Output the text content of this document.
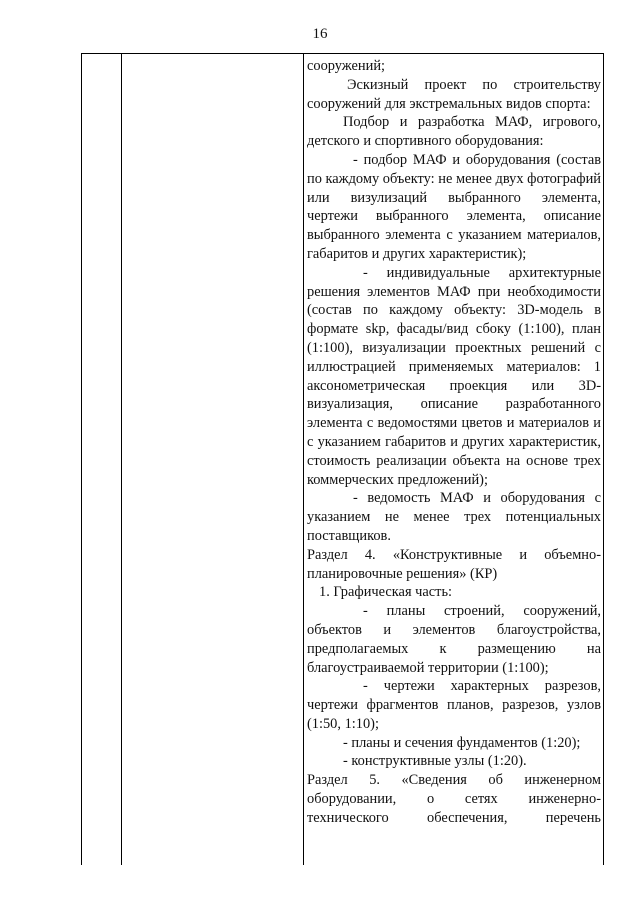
16

сооружений;

Эскизный проект по строительству сооружений для экстремальных видов спорта:

Подбор и разработка МАФ, игрового, детского и спортивного оборудования:

- подбор МАФ и оборудования (состав по каждому объекту: не менее двух фотографий или визулизаций выбранного элемента, чертежи выбранного элемента, описание выбранного элемента с указанием материалов, габаритов и других характеристик);

- индивидуальные архитектурные решения элементов МАФ при необходимости (состав по каждому объекту: 3D-модель в формате skp, фасады/вид сбоку (1:100), план (1:100), визуализации проектных решений с иллюстрацией применяемых материалов: 1 аксонометрическая проекция или 3D-визуализация, описание разработанного элемента с ведомостями цветов и материалов и с указанием габаритов и других характеристик, стоимость реализации объекта на основе трех коммерческих предложений);

- ведомость МАФ и оборудования с указанием не менее трех потенциальных поставщиков.

Раздел 4. «Конструктивные и объемно-планировочные решения» (КР)

1. Графическая часть:

- планы строений, сооружений, объектов и элементов благоустройства, предполагаемых к размещению на благоустраиваемой территории (1:100);

- чертежи характерных разрезов, чертежи фрагментов планов, разрезов, узлов (1:50, 1:10);

- планы и сечения фундаментов (1:20);

- конструктивные узлы (1:20).

Раздел 5. «Сведения об инженерном оборудовании, о сетях инженерно-технического обеспечения, перечень
